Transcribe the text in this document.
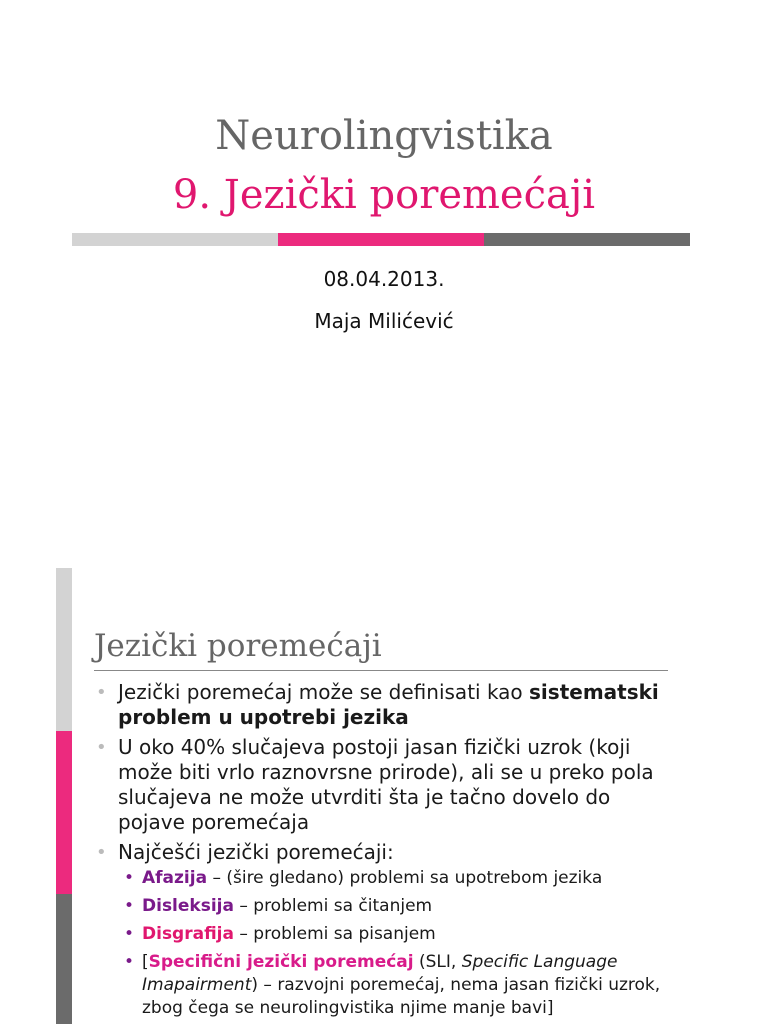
Neurolingvistika
9. Jezički poremećaji
08.04.2013.
Maja Milićević
Jezički poremećaji
• Jezički poremećaj može se definisati kao sistematski problem u upotrebi jezika
• U oko 40% slučajeva postoji jasan fizički uzrok (koji može biti vrlo raznovrsne prirode), ali se u preko pola slučajeva ne može utvrditi šta je tačno dovelo do pojave poremećaja
• Najčešći jezički poremećaji:
• Afazija – (šire gledano) problemi sa upotrebom jezika
• Disleksija – problemi sa čitanjem
• Disgrafija – problemi sa pisanjem
• [Specifični jezički poremećaj (SLI, Specific Language Imapairment) – razvojni poremećaj, nema jasan fizički uzrok, zbog čega se neurolingvistika njime manje bavi]
